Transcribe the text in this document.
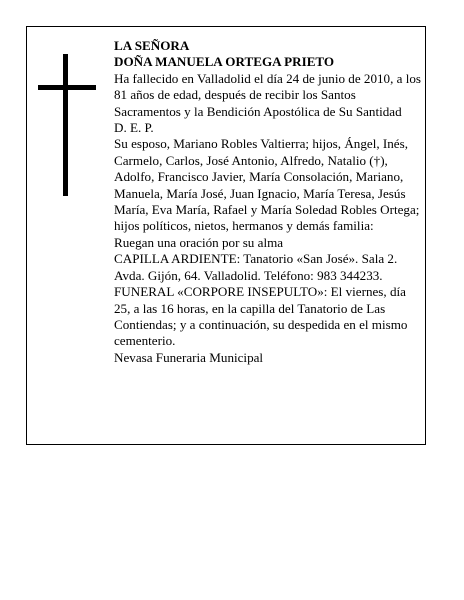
LA SEÑORA

DOÑA MANUELA ORTEGA PRIETO

Ha fallecido en Valladolid el día 24 de junio de 2010, a los 81 años de edad, después de recibir los Santos Sacramentos y la Bendición Apostólica de Su Santidad

D. E. P.

Su esposo, Mariano Robles Valtierra; hijos, Ángel, Inés, Carmelo, Carlos, José Antonio, Alfredo, Natalio (†), Adolfo, Francisco Javier, María Consolación, Mariano, Manuela, María José, Juan Ignacio, María Teresa, Jesús María, Eva María, Rafael y María Soledad Robles Ortega; hijos políticos, nietos, hermanos y demás familia:

Ruegan una oración por su alma

CAPILLA ARDIENTE: Tanatorio «San José». Sala 2. Avda. Gijón, 64. Valladolid. Teléfono: 983 344233.

FUNERAL «CORPORE INSEPULTO»: El viernes, día 25, a las 16 horas, en la capilla del Tanatorio de Las Contiendas; y a continuación, su despedida en el mismo cementerio.

Nevasa Funeraria Municipal
